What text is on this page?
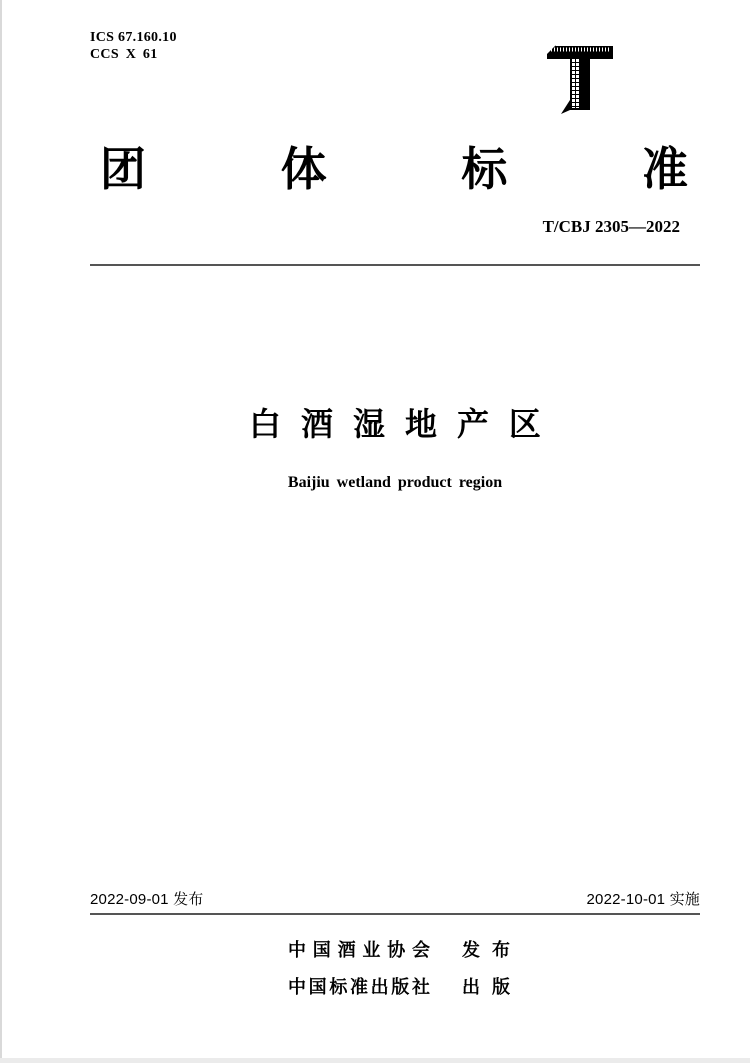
ICS 67.160.10
CCS X 61
团	体	标	准
T/CBJ 2305—2022
白 酒 湿 地 产 区
Baijiu wetland product region
2022-09-01 发布	2022-10-01 实施
中 国 酒 业 协 会 发 布
中 国 标 准 出 版 社 出 版
